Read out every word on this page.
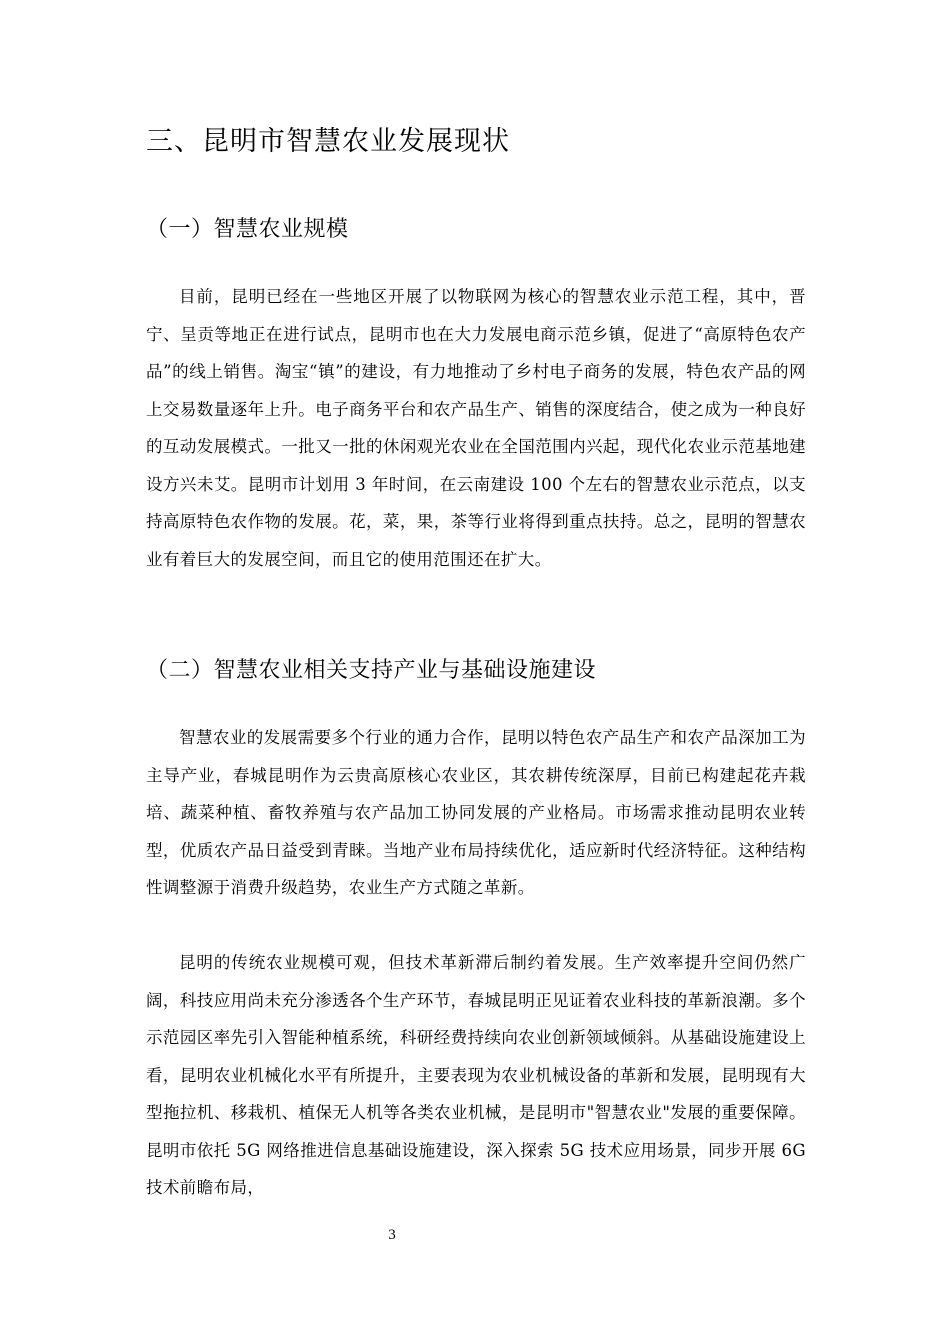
三、昆明市智慧农业发展现状
（一）智慧农业规模

目前，昆明已经在一些地区开展了以物联网为核心的智慧农业示范工程，其中，晋宁、呈贡等地正在进行试点，昆明市也在大力发展电商示范乡镇，促进了“高原特色农产品”的线上销售。淘宝“镇”的建设，有力地推动了乡村电子商务的发展，特色农产品的网上交易数量逐年上升。电子商务平台和农产品生产、销售的深度结合，使之成为一种良好的互动发展模式。一批又一批的休闲观光农业在全国范围内兴起，现代化农业示范基地建设方兴未艾。昆明市计划用 3 年时间，在云南建设 100 个左右的智慧农业示范点，以支持高原特色农作物的发展。花，菜，果，茶等行业将得到重点扶持。总之，昆明的智慧农业有着巨大的发展空间，而且它的使用范围还在扩大。

（二）智慧农业相关支持产业与基础设施建设

智慧农业的发展需要多个行业的通力合作，昆明以特色农产品生产和农产品深加工为主导产业，春城昆明作为云贵高原核心农业区，其农耕传统深厚，目前已构建起花卉栽培、蔬菜种植、畜牧养殖与农产品加工协同发展的产业格局。市场需求推动昆明农业转型，优质农产品日益受到青睐。当地产业布局持续优化，适应新时代经济特征。这种结构性调整源于消费升级趋势，农业生产方式随之革新。

昆明的传统农业规模可观，但技术革新滞后制约着发展。生产效率提升空间仍然广阔，科技应用尚未充分渗透各个生产环节，春城昆明正见证着农业科技的革新浪潮。多个示范园区率先引入智能种植系统，科研经费持续向农业创新领域倾斜。从基础设施建设上看，昆明农业机械化水平有所提升，主要表现为农业机械设备的革新和发展，昆明现有大型拖拉机、移栽机、植保无人机等各类农业机械，是昆明市"智慧农业"发展的重要保障。昆明市依托 5G 网络推进信息基础设施建设，深入探索 5G 技术应用场景，同步开展 6G 技术前瞻布局，

3
